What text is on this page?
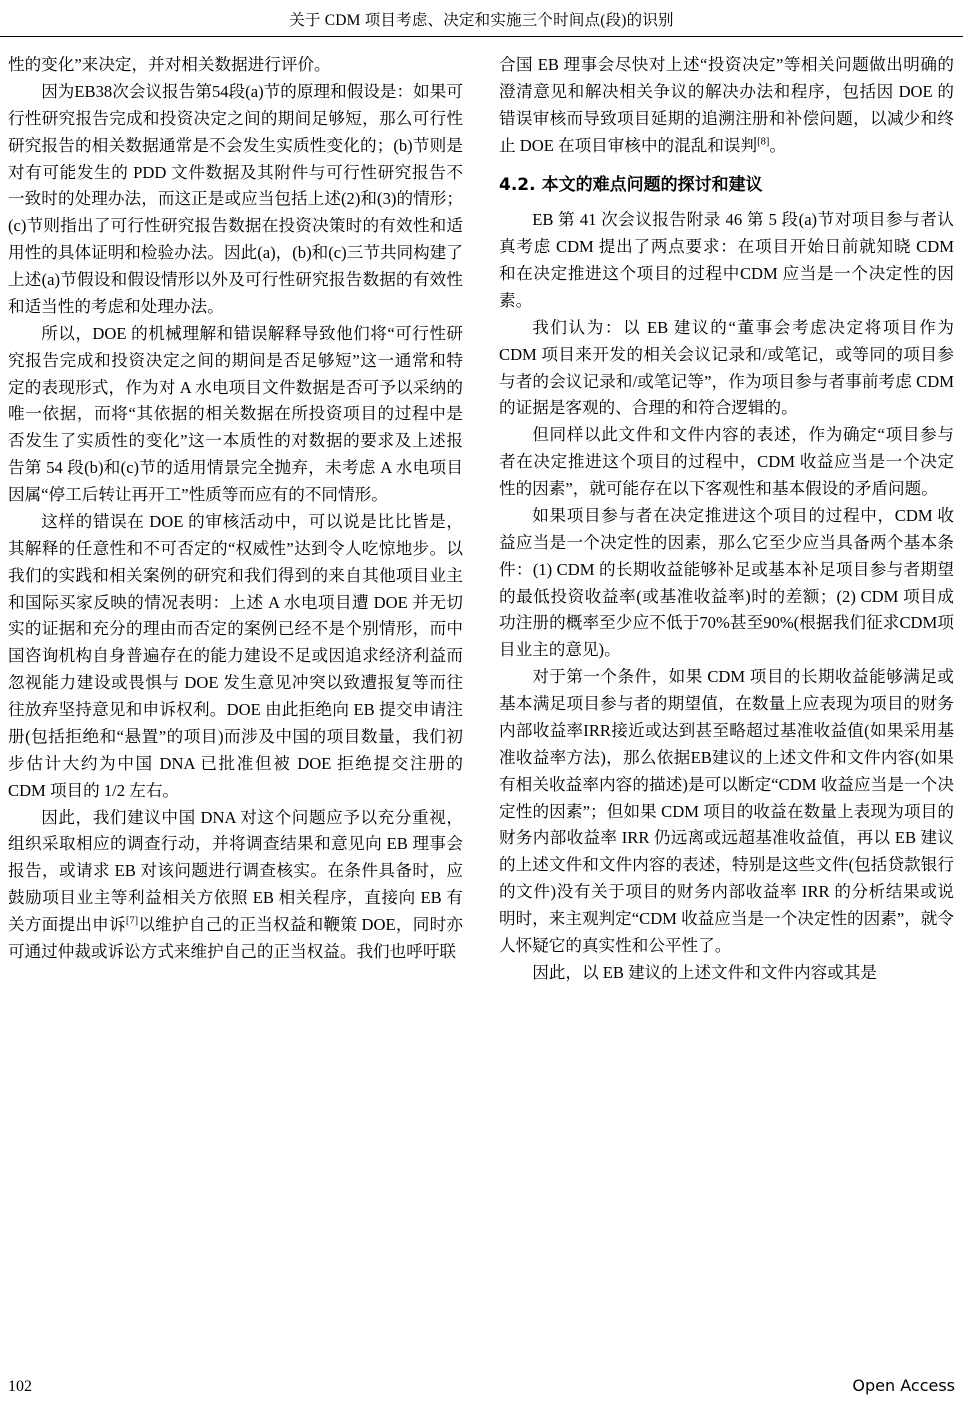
关于 CDM 项目考虑、决定和实施三个时间点(段)的识别

性的变化”来决定，并对相关数据进行评价。

因为EB38次会议报告第54段(a)节的原理和假设是：如果可行性研究报告完成和投资决定之间的期间足够短，那么可行性研究报告的相关数据通常是不会发生实质性变化的；(b)节则是对有可能发生的 PDD 文件数据及其附件与可行性研究报告不一致时的处理办法，而这正是或应当包括上述(2)和(3)的情形；(c)节则指出了可行性研究报告数据在投资决策时的有效性和适用性的具体证明和检验办法。因此(a)，(b)和(c)三节共同构建了上述(a)节假设和假设情形以外及可行性研究报告数据的有效性和适当性的考虑和处理办法。

所以，DOE 的机械理解和错误解释导致他们将“可行性研究报告完成和投资决定之间的期间是否足够短”这一通常和特定的表现形式，作为对 A 水电项目文件数据是否可予以采纳的唯一依据，而将“其依据的相关数据在所投资项目的过程中是否发生了实质性的变化”这一本质性的对数据的要求及上述报告第 54 段(b)和(c)节的适用情景完全抛弃，未考虑 A 水电项目因属“停工后转让再开工”性质等而应有的不同情形。

这样的错误在 DOE 的审核活动中，可以说是比比皆是，其解释的任意性和不可否定的“权威性”达到令人吃惊地步。以我们的实践和相关案例的研究和我们得到的来自其他项目业主和国际买家反映的情况表明：上述 A 水电项目遭 DOE 并无切实的证据和充分的理由而否定的案例已经不是个别情形，而中国咨询机构自身普遍存在的能力建设不足或因追求经济利益而忽视能力建设或畏惧与 DOE 发生意见冲突以致遭报复等而往往放弃坚持意见和申诉权利。DOE 由此拒绝向 EB 提交申请注册(包括拒绝和“悬置”的项目)而涉及中国的项目数量，我们初步估计大约为中国 DNA 已批准但被 DOE 拒绝提交注册的 CDM 项目的 1/2 左右。

因此，我们建议中国 DNA 对这个问题应予以充分重视，组织采取相应的调查行动，并将调查结果和意见向 EB 理事会报告，或请求 EB 对该问题进行调查核实。在条件具备时，应鼓励项目业主等利益相关方依照 EB 相关程序，直接向 EB 有关方面提出申诉[7]以维护自己的正当权益和鞭策 DOE，同时亦可通过仲裁或诉讼方式来维护自己的正当权益。我们也呼吁联

合国 EB 理事会尽快对上述“投资决定”等相关问题做出明确的澄清意见和解决相关争议的解决办法和程序，包括因 DOE 的错误审核而导致项目延期的追溯注册和补偿问题，以减少和终止 DOE 在项目审核中的混乱和误判[8]。

4.2. 本文的难点问题的探讨和建议

EB 第 41 次会议报告附录 46 第 5 段(a)节对项目参与者认真考虑 CDM 提出了两点要求：在项目开始日前就知晓 CDM 和在决定推进这个项目的过程中CDM 应当是一个决定性的因素。

我们认为：以 EB 建议的“董事会考虑决定将项目作为 CDM 项目来开发的相关会议记录和/或笔记，或等同的项目参与者的会议记录和/或笔记等”，作为项目参与者事前考虑 CDM 的证据是客观的、合理的和符合逻辑的。

但同样以此文件和文件内容的表述，作为确定“项目参与者在决定推进这个项目的过程中，CDM 收益应当是一个决定性的因素”，就可能存在以下客观性和基本假设的矛盾问题。

如果项目参与者在决定推进这个项目的过程中，CDM 收益应当是一个决定性的因素，那么它至少应当具备两个基本条件：(1) CDM 的长期收益能够补足或基本补足项目参与者期望的最低投资收益率(或基准收益率)时的差额；(2) CDM 项目成功注册的概率至少应不低于70%甚至90%(根据我们征求CDM项目业主的意见)。

对于第一个条件，如果 CDM 项目的长期收益能够满足或基本满足项目参与者的期望值，在数量上应表现为项目的财务内部收益率IRR接近或达到甚至略超过基准收益值(如果采用基准收益率方法)，那么依据EB建议的上述文件和文件内容(如果有相关收益率内容的描述)是可以断定“CDM 收益应当是一个决定性的因素”；但如果 CDM 项目的收益在数量上表现为项目的财务内部收益率 IRR 仍远离或远超基准收益值，再以 EB 建议的上述文件和文件内容的表述，特别是这些文件(包括贷款银行的文件)没有关于项目的财务内部收益率 IRR 的分析结果或说明时，来主观判定“CDM 收益应当是一个决定性的因素”，就令人怀疑它的真实性和公平性了。

因此，以 EB 建议的上述文件和文件内容或其是

102	Open Access
